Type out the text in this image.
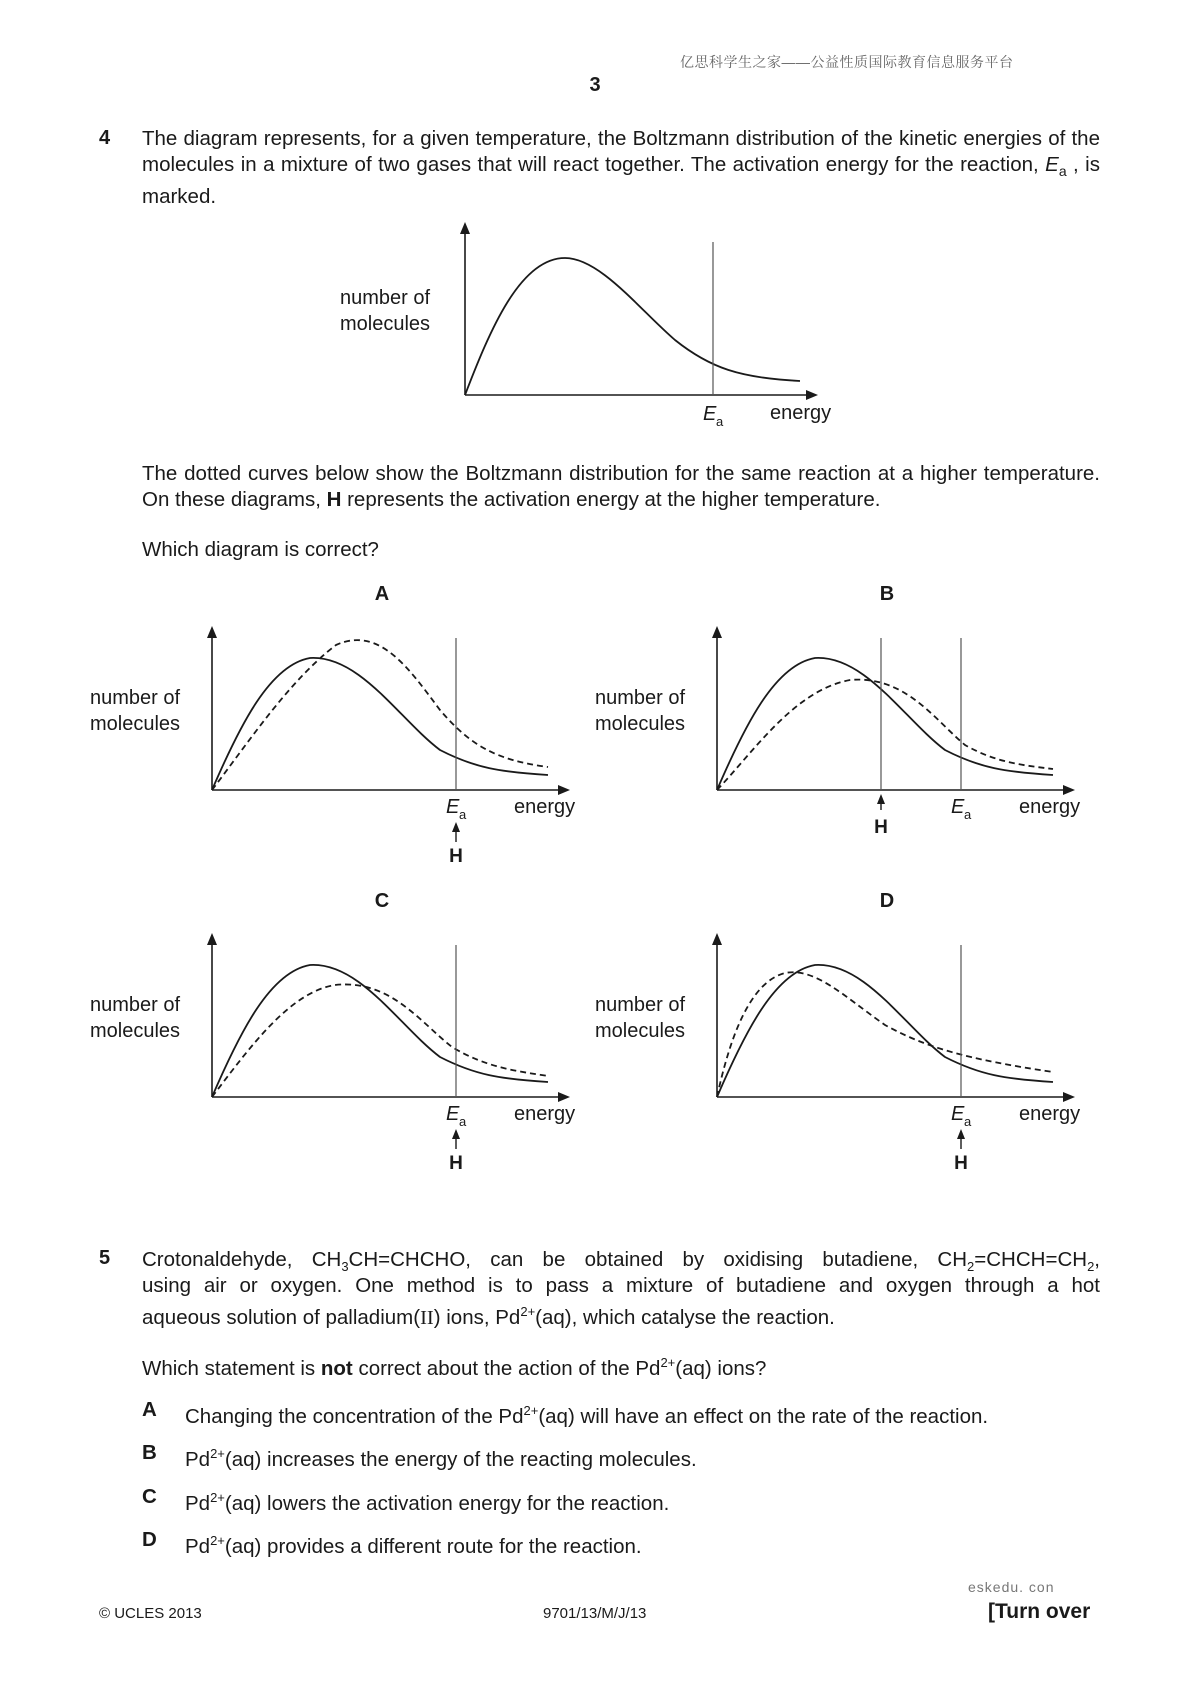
亿思科学生之家——公益性质国际教育信息服务平台
3
4 The diagram represents, for a given temperature, the Boltzmann distribution of the kinetic energies of the molecules in a mixture of two gases that will react together. The activation energy for the reaction, $E_a$ , is marked.
number of
molecules
E a energy
The dotted curves below show the Boltzmann distribution for the same reaction at a higher temperature. On these diagrams, H represents the activation energy at the higher temperature.
Which diagram is correct?
A
number of
molecules
E a energy
H
B
number of
molecules
H
E a energy
C
number of
molecules
E a energy
H
D
number of
molecules
E a energy
H
5 Crotonaldehyde, $CH_3CH=CHCHO$, can be obtained by oxidising butadiene, $CH_2=CHCH=CH_2$,
using air or oxygen. One method is to pass a mixture of butadiene and oxygen through a hot
aqueous solution of palladium(II) ions, $Pd^{2+}(aq)$, which catalyse the reaction.
Which statement is not correct about the action of the $Pd^{2+}(aq)$ ions?
A Changing the concentration of the $Pd^{2+}(aq)$ will have an effect on the rate of the reaction.
B $Pd^{2+}(aq)$ increases the energy of the reacting molecules.
C $Pd^{2+}(aq)$ lowers the activation energy for the reaction.
D $Pd^{2+}(aq)$ provides a different route for the reaction.
eskedu. con
© UCLES 2013	9701/13/M/J/13	[Turn over
